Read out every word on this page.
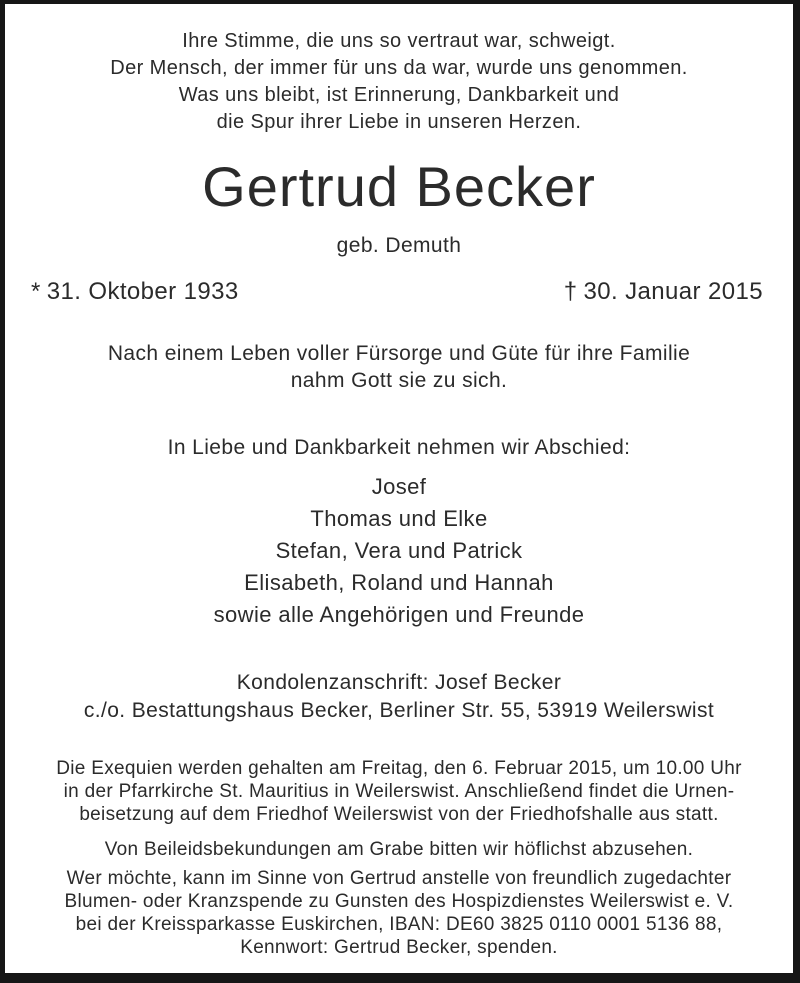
Ihre Stimme, die uns so vertraut war, schweigt.
Der Mensch, der immer für uns da war, wurde uns genommen.
Was uns bleibt, ist Erinnerung, Dankbarkeit und
die Spur ihrer Liebe in unseren Herzen.
Gertrud Becker
geb. Demuth
* 31. Oktober 1933	† 30. Januar 2015
Nach einem Leben voller Fürsorge und Güte für ihre Familie
nahm Gott sie zu sich.
In Liebe und Dankbarkeit nehmen wir Abschied:
Josef
Thomas und Elke
Stefan, Vera und Patrick
Elisabeth, Roland und Hannah
sowie alle Angehörigen und Freunde
Kondolenzanschrift: Josef Becker
c./o. Bestattungshaus Becker, Berliner Str. 55, 53919 Weilerswist
Die Exequien werden gehalten am Freitag, den 6. Februar 2015, um 10.00 Uhr
in der Pfarrkirche St. Mauritius in Weilerswist. Anschließend findet die Urnen-
beisetzung auf dem Friedhof Weilerswist von der Friedhofshalle aus statt.
Von Beileidsbekundungen am Grabe bitten wir höflichst abzusehen.
Wer möchte, kann im Sinne von Gertrud anstelle von freundlich zugedachter
Blumen- oder Kranzspende zu Gunsten des Hospizdienstes Weilerswist e. V.
bei der Kreissparkasse Euskirchen, IBAN: DE60 3825 0110 0001 5136 88,
Kennwort: Gertrud Becker, spenden.
